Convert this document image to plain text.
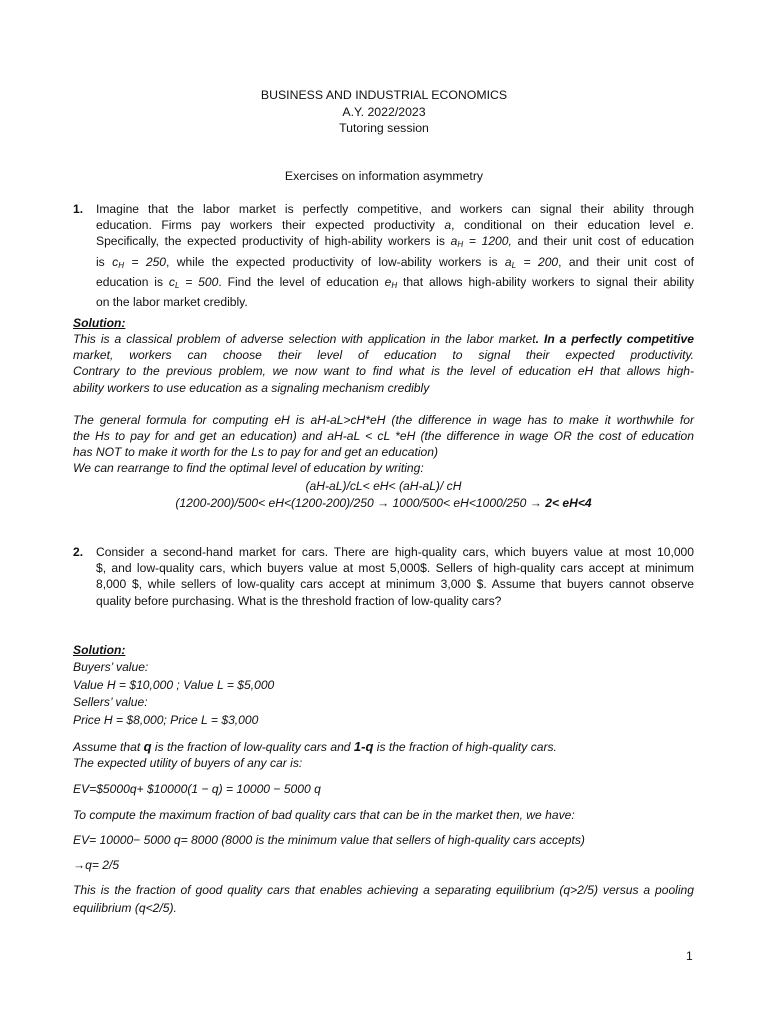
BUSINESS AND INDUSTRIAL ECONOMICS
A.Y. 2022/2023
Tutoring session
Exercises on information asymmetry
1. Imagine that the labor market is perfectly competitive, and workers can signal their ability through
education. Firms pay workers their expected productivity a, conditional on their education level e.
Specifically, the expected productivity of high-ability workers is $a_H = 1200$, and their unit cost of education
is $c_H = 250$, while the expected productivity of low-ability workers is $a_L = 200$, and their unit cost of
education is $c_L = 500$. Find the level of education $e_H$ that allows high-ability workers to signal their ability
on the labor market credibly.
Solution:
This is a classical problem of adverse selection with application in the labor market. In a perfectly competitive
market, workers can choose their level of education to signal their expected productivity.
Contrary to the previous problem, we now want to find what is the level of education eH that allows high-
ability workers to use education as a signaling mechanism credibly
The general formula for computing eH is aH-aL>cH*eH (the difference in wage has to make it worthwhile for
the Hs to pay for and get an education) and aH-aL < cL *eH (the difference in wage OR the cost of education
has NOT to make it worth for the Ls to pay for and get an education)
We can rearrange to find the optimal level of education by writing:
(aH-aL)/cL< eH< (aH-aL)/ cH
(1200-200)/500< eH<(1200-200)/250 → 1000/500< eH<1000/250 → 2< eH<4
2. Consider a second-hand market for cars. There are high-quality cars, which buyers value at most 10,000
$, and low-quality cars, which buyers value at most 5,000$. Sellers of high-quality cars accept at minimum
8,000 $, while sellers of low-quality cars accept at minimum 3,000 $. Assume that buyers cannot observe
quality before purchasing. What is the threshold fraction of low-quality cars?
Solution:
Buyers’ value:
Value H = $10,000 ; Value L = $5,000
Sellers’ value:
Price H = $8,000; Price L = $3,000
Assume that q is the fraction of low-quality cars and 1-q is the fraction of high-quality cars.
The expected utility of buyers of any car is:
EV=$5000q+ $10000(1 − q) = 10000 − 5000 q
To compute the maximum fraction of bad quality cars that can be in the market then, we have:
EV= 10000− 5000 q= 8000 (8000 is the minimum value that sellers of high-quality cars accepts)
→q= 2/5
This is the fraction of good quality cars that enables achieving a separating equilibrium (q>2/5) versus a pooling
equilibrium (q<2/5).
1
